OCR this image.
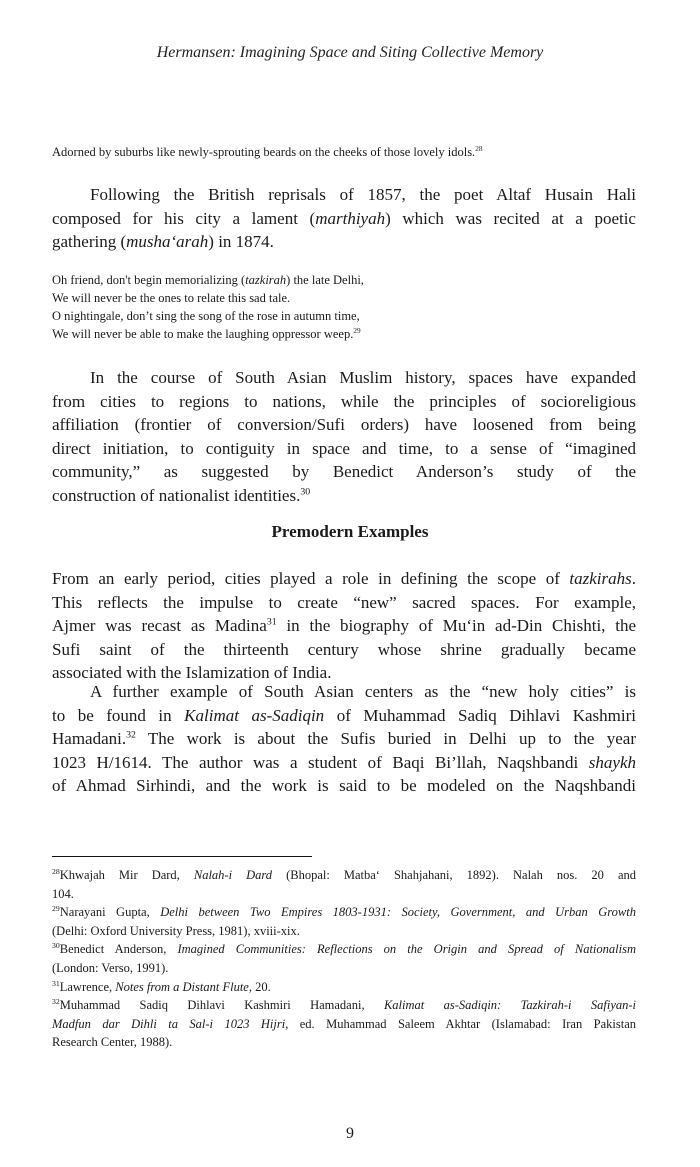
Hermansen: Imagining Space and Siting Collective Memory
Adorned by suburbs like newly-sprouting beards on the cheeks of those lovely idols.$^{28}$
Following the British reprisals of 1857, the poet Altaf Husain Hali
composed for his city a lament (marthiyah) which was recited at a poetic
gathering (musha‘arah) in 1874.
Oh friend, don't begin memorializing (tazkirah) the late Delhi,
We will never be the ones to relate this sad tale.
O nightingale, don’t sing the song of the rose in autumn time,
We will never be able to make the laughing oppressor weep.$^{29}$
In the course of South Asian Muslim history, spaces have expanded
from cities to regions to nations, while the principles of socioreligious
affiliation (frontier of conversion/Sufi orders) have loosened from being
direct initiation, to contiguity in space and time, to a sense of “imagined
community,” as suggested by Benedict Anderson’s study of the
construction of nationalist identities.$^{30}$
Premodern Examples
From an early period, cities played a role in defining the scope of tazkirahs.
This reflects the impulse to create “new” sacred spaces. For example,
Ajmer was recast as Madina$^{31}$ in the biography of Mu‘in ad-Din Chishti, the
Sufi saint of the thirteenth century whose shrine gradually became
associated with the Islamization of India.
A further example of South Asian centers as the “new holy cities” is
to be found in Kalimat as-Sadiqin of Muhammad Sadiq Dihlavi Kashmiri
Hamadani.$^{32}$ The work is about the Sufis buried in Delhi up to the year
1023 H/1614. The author was a student of Baqi Bi’llah, Naqshbandi shaykh
of Ahmad Sirhindi, and the work is said to be modeled on the Naqshbandi
$^{28}$Khwajah Mir Dard, Nalah-i Dard (Bhopal: Matba‘ Shahjahani, 1892). Nalah nos. 20 and
104.
$^{29}$Narayani Gupta, Delhi between Two Empires 1803-1931: Society, Government, and Urban Growth
(Delhi: Oxford University Press, 1981), xviii-xix.
$^{30}$Benedict Anderson, Imagined Communities: Reflections on the Origin and Spread of Nationalism
(London: Verso, 1991).
$^{31}$Lawrence, Notes from a Distant Flute, 20.
$^{32}$Muhammad Sadiq Dihlavi Kashmiri Hamadani, Kalimat as-Sadiqin: Tazkirah-i Safiyan-i
Madfun dar Dihli ta Sal-i 1023 Hijri, ed. Muhammad Saleem Akhtar (Islamabad: Iran Pakistan
Research Center, 1988).
9
